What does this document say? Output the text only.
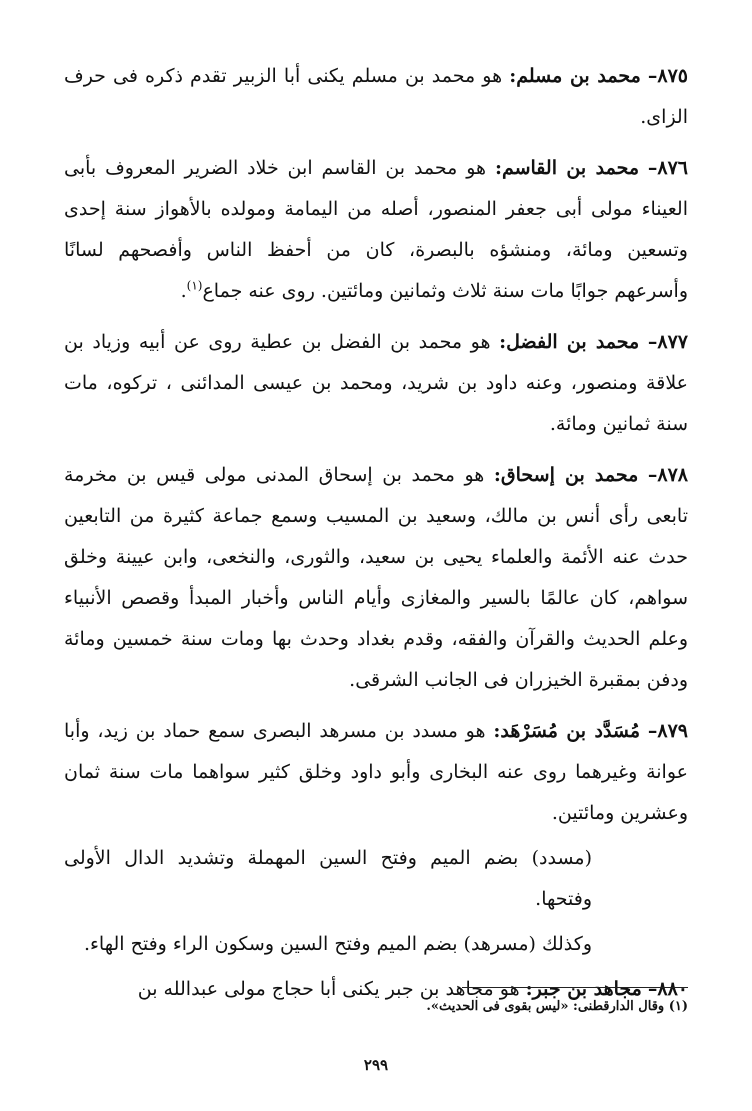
٨٧٥– محمد بن مسلم: هو محمد بن مسلم يكنى أبا الزبير تقدم ذكره فى حرف الزاى.

٨٧٦– محمد بن القاسم: هو محمد بن القاسم ابن خلاد الضرير المعروف بأبى العيناء مولى أبى جعفر المنصور، أصله من اليمامة ومولده بالأهواز سنة إحدى وتسعين ومائة، ومنشؤه بالبصرة، كان من أحفظ الناس وأفصحهم لسانًا وأسرعهم جوابًا مات سنة ثلاث وثمانين ومائتين. روى عنه جماع$^{(١)}$.

٨٧٧– محمد بن الفضل: هو محمد بن الفضل بن عطية روى عن أبيه وزياد بن علاقة ومنصور، وعنه داود بن شريد، ومحمد بن عيسى المدائنى ، تركوه، مات سنة ثمانين ومائة.

٨٧٨– محمد بن إسحاق: هو محمد بن إسحاق المدنى مولى قيس بن مخرمة تابعى رأى أنس بن مالك، وسعيد بن المسيب وسمع جماعة كثيرة من التابعين حدث عنه الأئمة والعلماء يحيى بن سعيد، والثورى، والنخعى، وابن عيينة وخلق سواهم، كان عالمًا بالسير والمغازى وأيام الناس وأخبار المبدأ وقصص الأنبياء وعلم الحديث والقرآن والفقه، وقدم بغداد وحدث بها ومات سنة خمسين ومائة ودفن بمقبرة الخيزران فى الجانب الشرقى.

٨٧٩– مُسَدَّد بن مُسَرْهَد: هو مسدد بن مسرهد البصرى سمع حماد بن زيد، وأبا عوانة وغيرهما روى عنه البخارى وأبو داود وخلق كثير سواهما مات سنة ثمان وعشرين ومائتين.

(مسدد) بضم الميم وفتح السين المهملة وتشديد الدال الأولى وفتحها.

وكذلك (مسرهد) بضم الميم وفتح السين وسكون الراء وفتح الهاء.

٨٨٠– مجاهد بن جبر: هو مجاهد بن جبر يكنى أبا حجاج مولى عبدالله بن

(١) وقال الدارقطنى: «ليس بقوى فى الحديث».
٢٩٩
